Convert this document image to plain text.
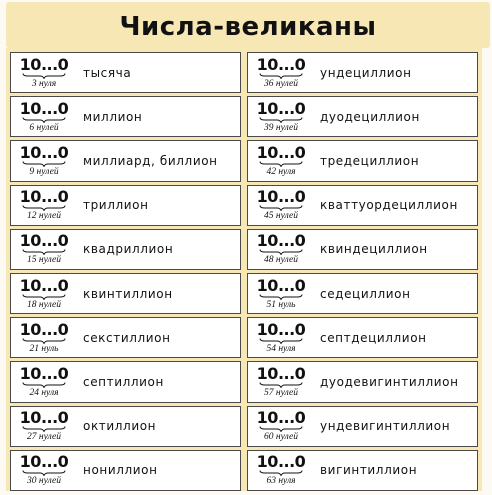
Числа-великаны
10...0
3 нуля
тысяча
10...0
6 нулей
миллион
10...0
9 нулей
миллиард, биллион
10...0
12 нулей
триллион
10...0
15 нулей
квадриллион
10...0
18 нулей
квинтиллион
10...0
21 нуль
секстиллион
10...0
24 нуля
септиллион
10...0
27 нулей
октиллион
10...0
30 нулей
нониллион
10...0
36 нулей
ундециллион
10...0
39 нулей
дуодециллион
10...0
42 нуля
тредециллион
10...0
45 нулей
кваттуордециллион
10...0
48 нулей
квиндециллион
10...0
51 нуль
седециллион
10...0
54 нуля
септдециллион
10...0
57 нулей
дуодевигинтиллион
10...0
60 нулей
ундевигинтиллион
10...0
63 нуля
вигинтиллион
